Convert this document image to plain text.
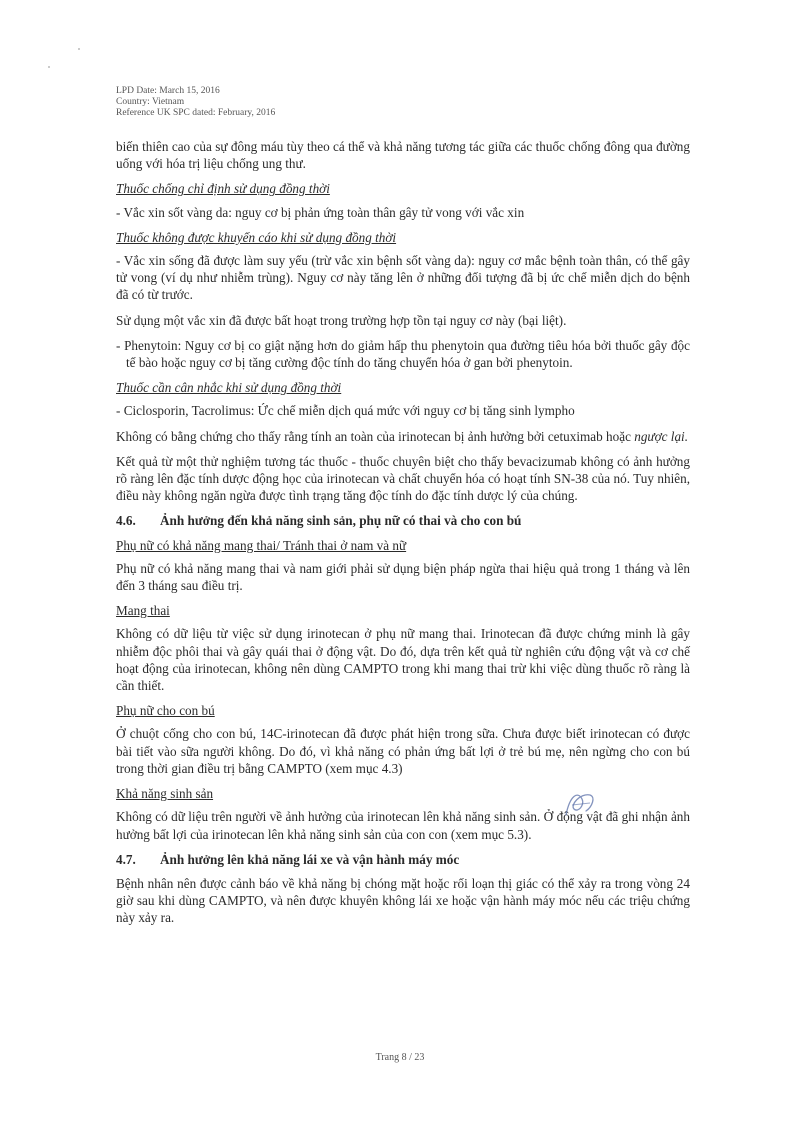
LPD Date: March 15, 2016
Country: Vietnam
Reference UK SPC dated: February, 2016

biến thiên cao của sự đông máu tùy theo cá thể và khả năng tương tác giữa các thuốc chống đông qua đường uống với hóa trị liệu chống ung thư.

Thuốc chống chỉ định sử dụng đồng thời

- Vắc xin sốt vàng da: nguy cơ bị phản ứng toàn thân gây tử vong với vắc xin

Thuốc không được khuyến cáo khi sử dụng đồng thời

- Vắc xin sống đã được làm suy yếu (trừ vắc xin bệnh sốt vàng da): nguy cơ mắc bệnh toàn thân, có thể gây tử vong (ví dụ như nhiễm trùng). Nguy cơ này tăng lên ở những đối tượng đã bị ức chế miễn dịch do bệnh đã có từ trước.

Sử dụng một vắc xin đã được bất hoạt trong trường hợp tồn tại nguy cơ này (bại liệt).

- Phenytoin: Nguy cơ bị co giật nặng hơn do giảm hấp thu phenytoin qua đường tiêu hóa bởi thuốc gây độc tế bào hoặc nguy cơ bị tăng cường độc tính do tăng chuyển hóa ở gan bởi phenytoin.

Thuốc cần cân nhắc khi sử dụng đồng thời

- Ciclosporin, Tacrolimus: Ức chế miễn dịch quá mức với nguy cơ bị tăng sinh lympho

Không có bằng chứng cho thấy rằng tính an toàn của irinotecan bị ảnh hưởng bởi cetuximab hoặc ngược lại.

Kết quả từ một thử nghiệm tương tác thuốc - thuốc chuyên biệt cho thấy bevacizumab không có ảnh hưởng rõ ràng lên đặc tính dược động học của irinotecan và chất chuyển hóa có hoạt tính SN-38 của nó. Tuy nhiên, điều này không ngăn ngừa được tình trạng tăng độc tính do đặc tính dược lý của chúng.

4.6.	Ảnh hưởng đến khả năng sinh sản, phụ nữ có thai và cho con bú
Phụ nữ có khả năng mang thai/ Tránh thai ở nam và nữ

Phụ nữ có khả năng mang thai và nam giới phải sử dụng biện pháp ngừa thai hiệu quả trong 1 tháng và lên đến 3 tháng sau điều trị.

Mang thai

Không có dữ liệu từ việc sử dụng irinotecan ở phụ nữ mang thai. Irinotecan đã được chứng minh là gây nhiễm độc phôi thai và gây quái thai ở động vật. Do đó, dựa trên kết quả từ nghiên cứu động vật và cơ chế hoạt động của irinotecan, không nên dùng CAMPTO trong khi mang thai trừ khi việc dùng thuốc rõ ràng là cần thiết.

Phụ nữ cho con bú

Ở chuột cống cho con bú, 14C-irinotecan đã được phát hiện trong sữa. Chưa được biết irinotecan có được bài tiết vào sữa người không. Do đó, vì khả năng có phản ứng bất lợi ở trẻ bú mẹ, nên ngừng cho con bú trong thời gian điều trị bằng CAMPTO (xem mục 4.3)

Khả năng sinh sản

Không có dữ liệu trên người về ảnh hưởng của irinotecan lên khả năng sinh sản. Ở động vật đã ghi nhận ảnh hưởng bất lợi của irinotecan lên khả năng sinh sản của con con (xem mục 5.3).

4.7.	Ảnh hưởng lên khả năng lái xe và vận hành máy móc

Bệnh nhân nên được cảnh báo về khả năng bị chóng mặt hoặc rối loạn thị giác có thể xảy ra trong vòng 24 giờ sau khi dùng CAMPTO, và nên được khuyên không lái xe hoặc vận hành máy móc nếu các triệu chứng này xảy ra.

Trang 8 / 23
